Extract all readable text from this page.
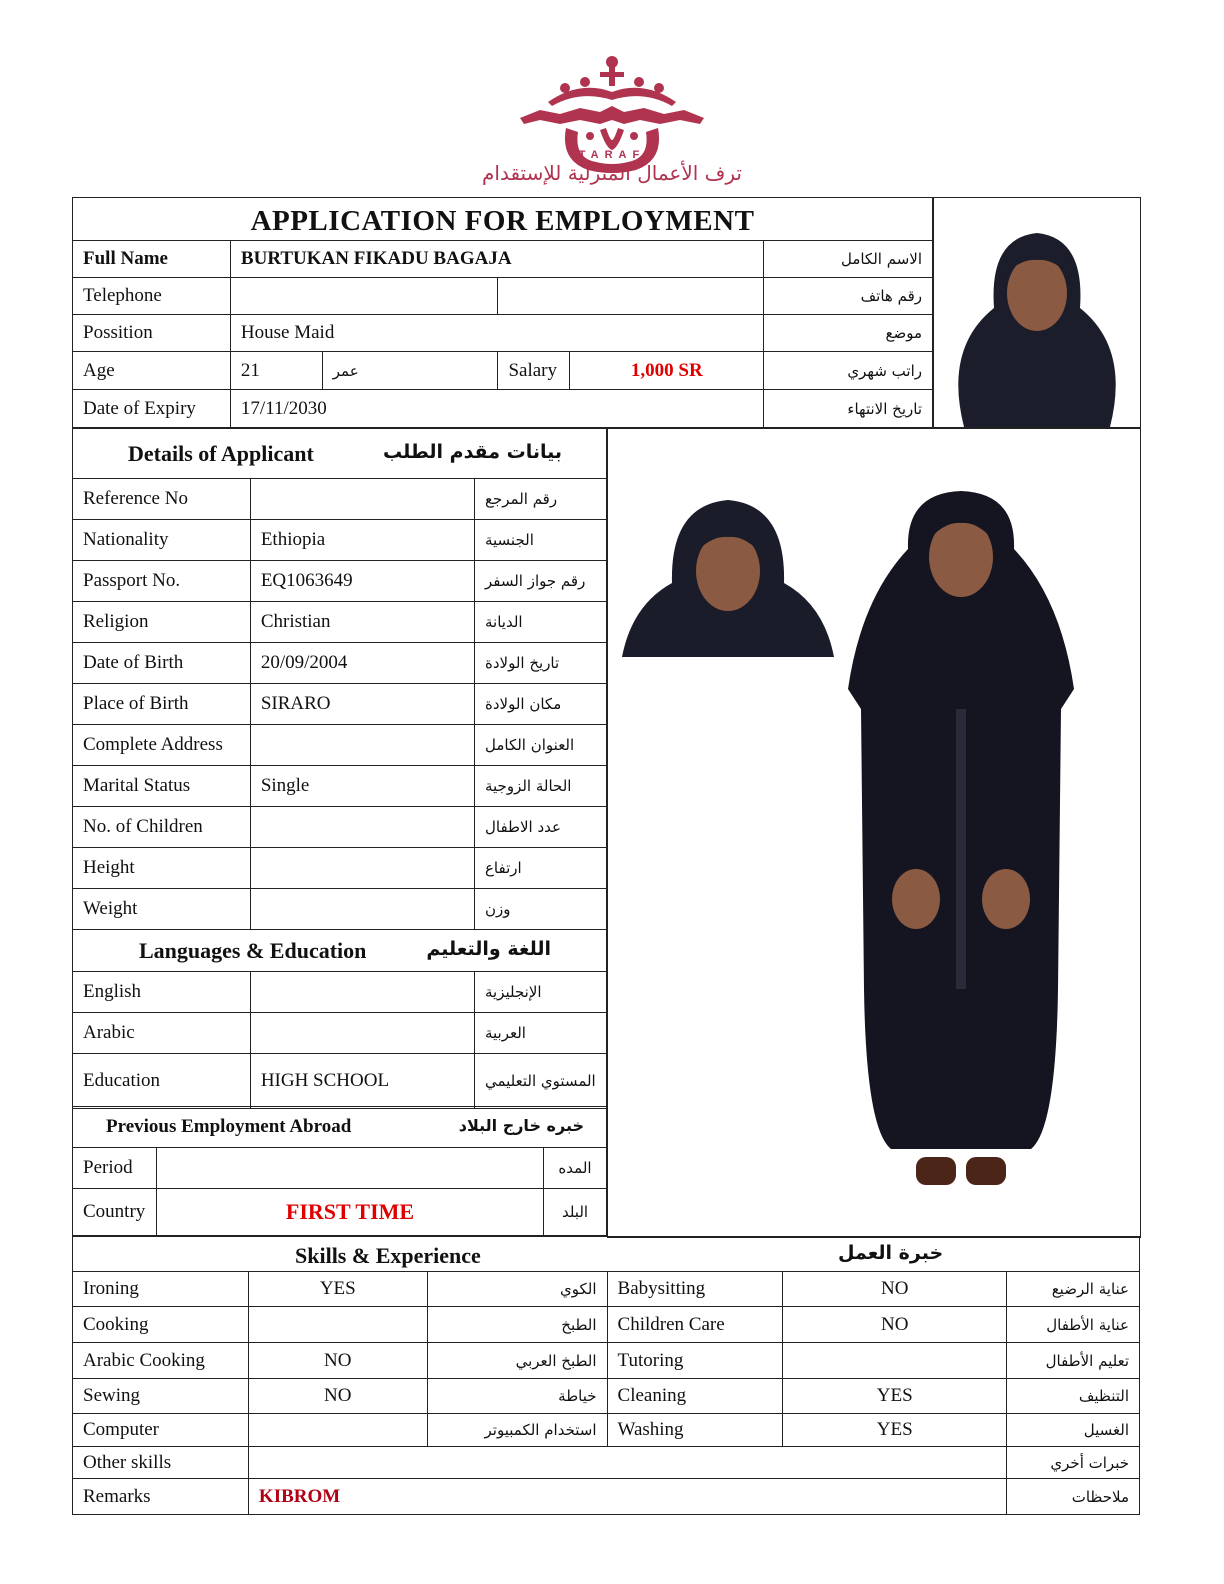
TARAF
ترف الأعمال المنزلية للإستقدام
APPLICATION FOR EMPLOYMENT					
Full Name	BURTUKAN FIKADU BAGAJA				الاسم الكامل
Telephone					رقم هاتف
Possition	House Maid				موضع
Age	21	عمر	Salary	1,000 SR	راتب شهري
Date of Expiry	17/11/2030				تاريخ الانتهاء
Details of Applicant بيانات مقدم الطلب		

Reference No		رقم المرجع
Nationality	Ethiopia	الجنسية
Passport No.	EQ1063649	رقم جواز السفر
Religion	Christian	الديانة
Date of Birth	20/09/2004	تاريخ الولادة
Place of Birth	SIRARO	مكان الولادة
Complete Address		العنوان الكامل
Marital Status	Single	الحالة الزوجية
No. of Children		عدد الاطفال
Height		ارتفاع
Weight		وزن

Languages & Education اللغة والتعليم		

English		الإنجليزية
Arabic		العربية
Education	HIGH SCHOOL	المستوي التعليمي
Previous Employment Abroad خبره خارج البلاد		

Period		المده
Country	FIRST TIME	البلد
Skills & Experience خبرة العمل					

Ironing	YES	الكوي	Babysitting	NO	عناية الرضيع
Cooking		الطبخ	Children Care	NO	عناية الأطفال
Arabic Cooking	NO	الطبخ العربي	Tutoring		تعليم الأطفال
Sewing	NO	خياطة	Cleaning	YES	التنظيف
Computer		استخدام الكمبيوتر	Washing	YES	الغسيل
Other skills					خبرات أخري
Remarks	KIBROM				ملاحظات
